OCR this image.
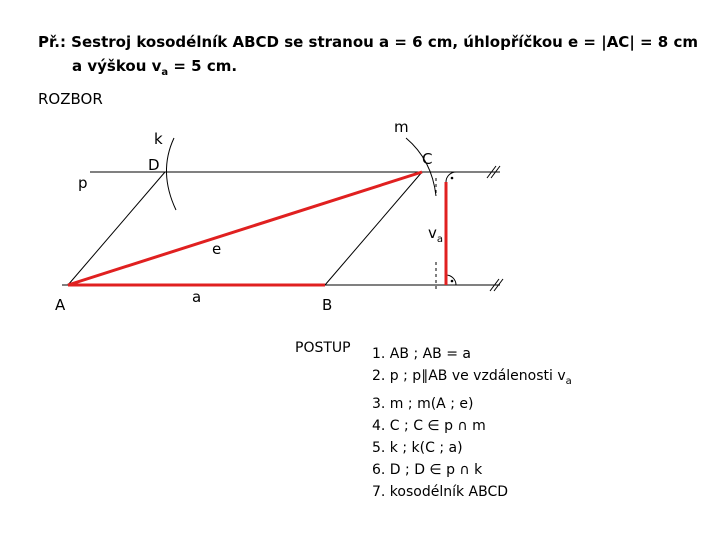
Př.: Sestroj kosodélník ABCD se stranou a = 6 cm, úhlopříčkou e = |AC| = 8 cm
a výškou $v_a = 5$ cm.
ROZBOR
k
m
D	C
p
$v_a$
e
A	a	B
POSTUP 1. AB ; AB = a
2. p ; p∥AB ve vzdálenosti $v_a$
3. m ; m(A ; e)
4. C ; C ∈ p ∩ m
5. k ; k(C ; a)
6. D ; D ∈ p ∩ k
7. kosodélník ABCD
